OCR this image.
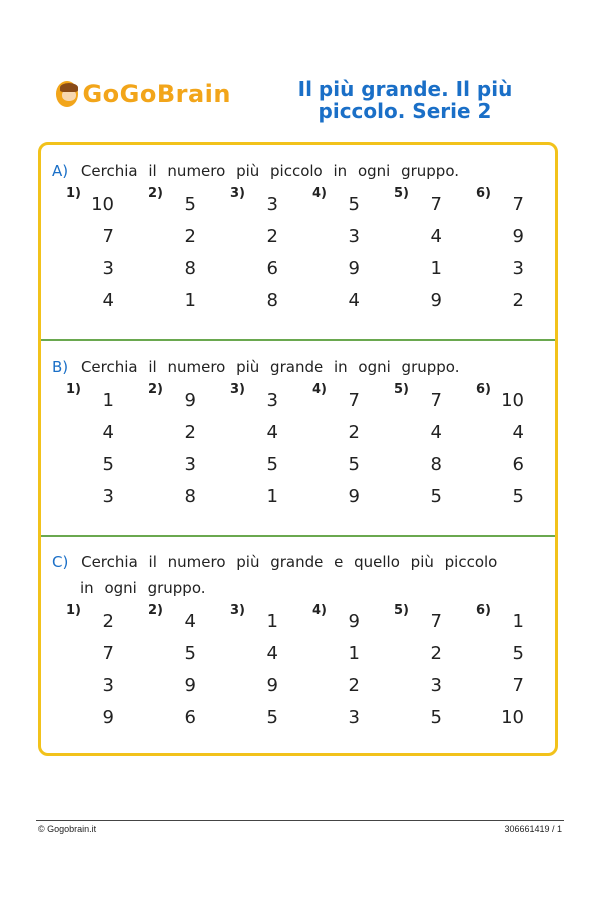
GoGoBrain	Il più grande. Il più
piccolo. Serie 2
A) Cerchia il numero più piccolo in ogni gruppo.
1)
10
7
3
4
2)
5
2
8
1
3)
3
2
6
8
4)
5
3
9
4
5)
7
4
1
9
6)
7
9
3
2
B) Cerchia il numero più grande in ogni gruppo.
1)
1
4
5
3
2)
9
2
3
8
3)
3
4
5
1
4)
7
2
5
9
5)
7
4
8
5
6)
10
4
6
5
C) Cerchia il numero più grande e quello più piccolo
in ogni gruppo.
1)
2
7
3
9
2)
4
5
9
6
3)
1
4
9
5
4)
9
1
2
3
5)
7
2
3
5
6)
1
5
7
10
© Gogobrain.it	306661419 / 1
